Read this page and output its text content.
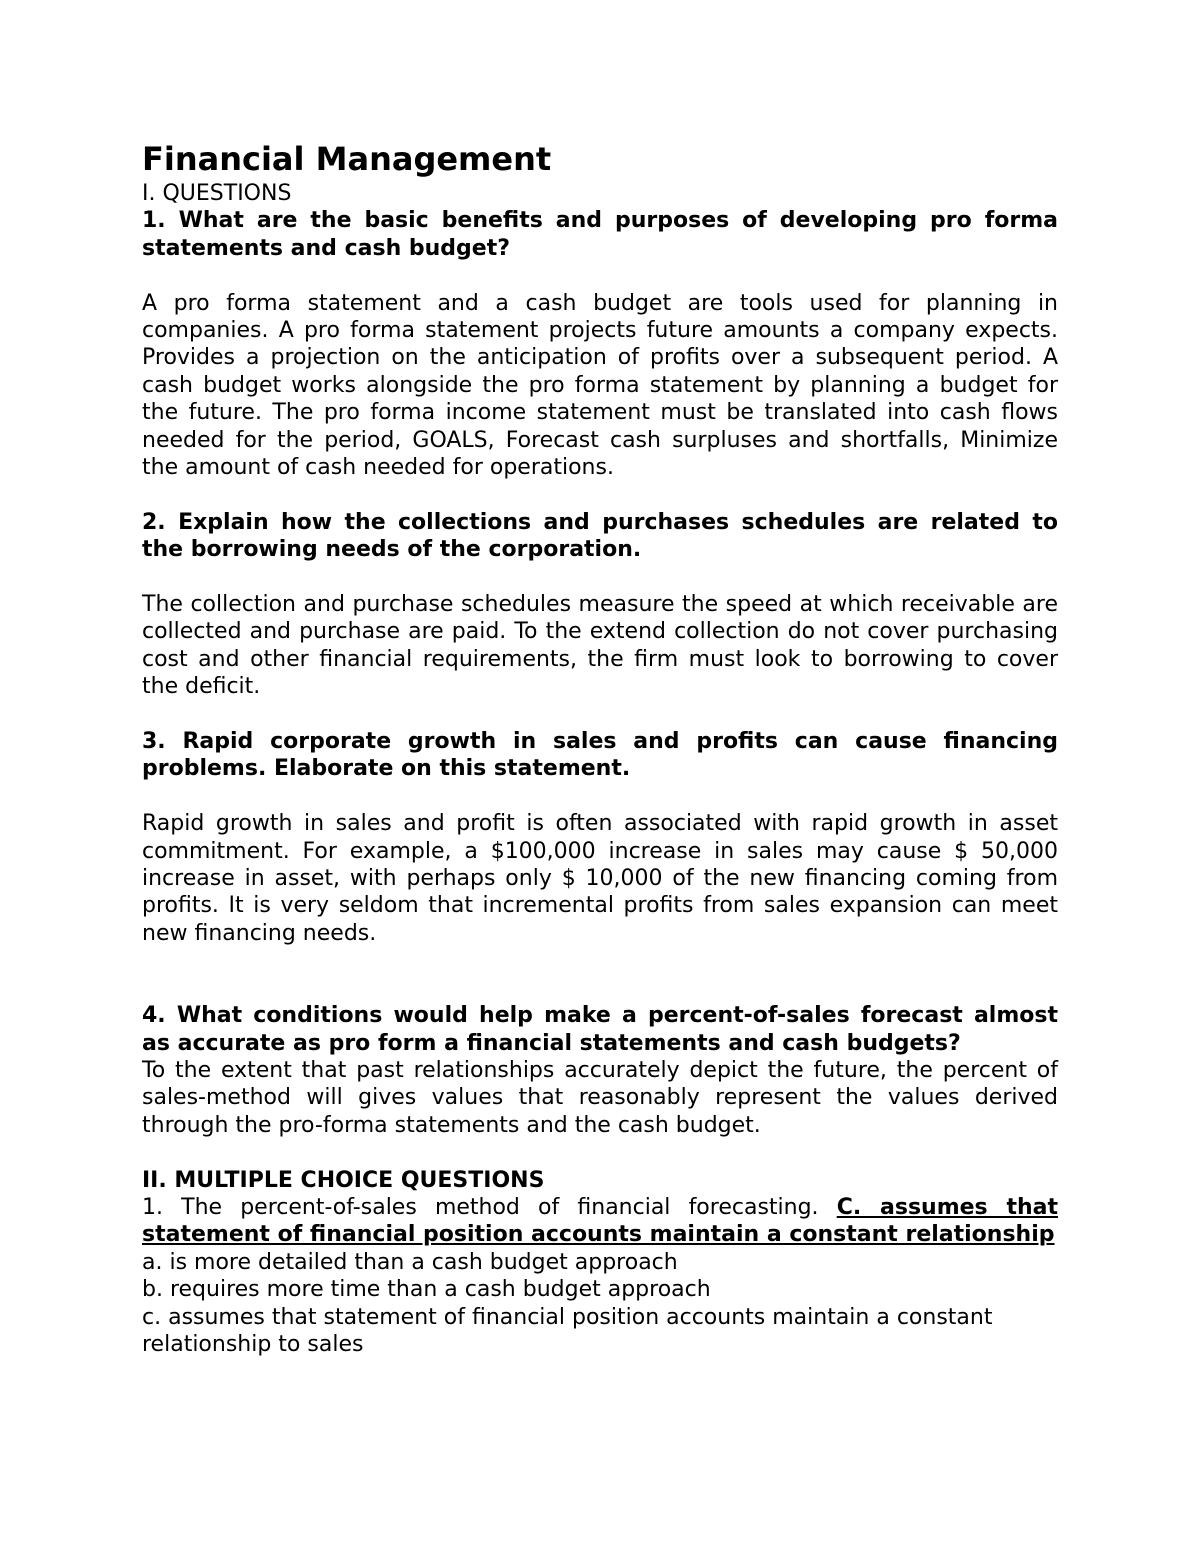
Financial Management

I. QUESTIONS

1. What are the basic benefits and purposes of developing pro forma statements and cash budget?

A pro forma statement and a cash budget are tools used for planning in companies. A pro forma statement projects future amounts a company expects. Provides a projection on the anticipation of profits over a subsequent period. A cash budget works alongside the pro forma statement by planning a budget for the future. The pro forma income statement must be translated into cash flows needed for the period, GOALS, Forecast cash surpluses and shortfalls, Minimize the amount of cash needed for operations.

2. Explain how the collections and purchases schedules are related to the borrowing needs of the corporation.

The collection and purchase schedules measure the speed at which receivable are collected and purchase are paid. To the extend collection do not cover purchasing cost and other financial requirements, the firm must look to borrowing to cover the deficit.

3. Rapid corporate growth in sales and profits can cause financing problems. Elaborate on this statement.

Rapid growth in sales and profit is often associated with rapid growth in asset commitment. For example, a $100,000 increase in sales may cause $ 50,000 increase in asset, with perhaps only $ 10,000 of the new financing coming from profits. It is very seldom that incremental profits from sales expansion can meet new financing needs.

4. What conditions would help make a percent-of-sales forecast almost as accurate as pro form a financial statements and cash budgets?

To the extent that past relationships accurately depict the future, the percent of sales-method will gives values that reasonably represent the values derived through the pro-forma statements and the cash budget.

II. MULTIPLE CHOICE QUESTIONS

1. The percent-of-sales method of financial forecasting. C. assumes that statement of financial position accounts maintain a constant relationship

a. is more detailed than a cash budget approach

b. requires more time than a cash budget approach

c. assumes that statement of financial position accounts maintain a constant relationship to sales
